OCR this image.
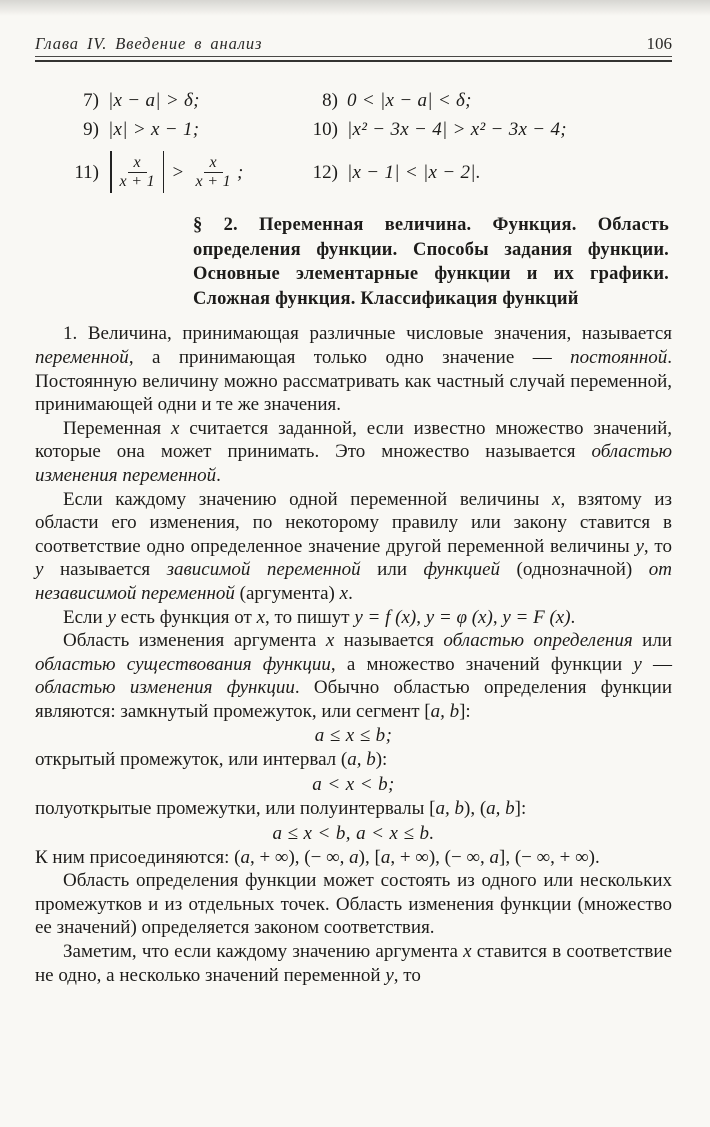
Глава IV. Введение в анализ	106
7) |x − a| > δ;	8) 0 < |x − a| < δ;
9) |x| > x − 1;	10) |x² − 3x − 4| > x² − 3x − 4;
11)	$\frac{x}{x + 1} > \frac{x}{x + 1}$ ;	12) |x − 1| < |x − 2|.
§ 2. Переменная величина. Функция. Область определения функции. Способы задания функции. Основные элементарные функции и их графики. Сложная функция. Классификация функций

1. Величина, принимающая различные числовые значения, называется переменной, а принимающая только одно значение — постоянной. Постоянную величину можно рассматривать как частный случай переменной, принимающей одни и те же значения.

Переменная x считается заданной, если известно множество значений, которые она может принимать. Это множество называется областью изменения переменной.

Если каждому значению одной переменной величины x, взятому из области его изменения, по некоторому правилу или закону ставится в соответствие одно определенное значение другой переменной величины y, то y называется зависимой переменной или функцией (однозначной) от независимой переменной (аргумента) x.

Если y есть функция от x, то пишут y = f (x), y = φ (x), y = F (x).

Область изменения аргумента x называется областью определения или областью существования функции, а множество значений функции y — областью изменения функции. Обычно областью определения функции являются: замкнутый промежуток, или сегмент [a, b]:

a ≤ x ≤ b;

открытый промежуток, или интервал (a, b):

a < x < b;

полуоткрытые промежутки, или полуинтервалы [a, b), (a, b]:

a ≤ x < b, a < x ≤ b.

К ним присоединяются: (a, + ∞), (− ∞, a), [a, + ∞), (− ∞, a], (− ∞, + ∞).

Область определения функции может состоять из одного или нескольких промежутков и из отдельных точек. Область изменения функции (множество ее значений) определяется законом соответствия.

Заметим, что если каждому значению аргумента x ставится в соответствие не одно, а несколько значений переменной y, то
